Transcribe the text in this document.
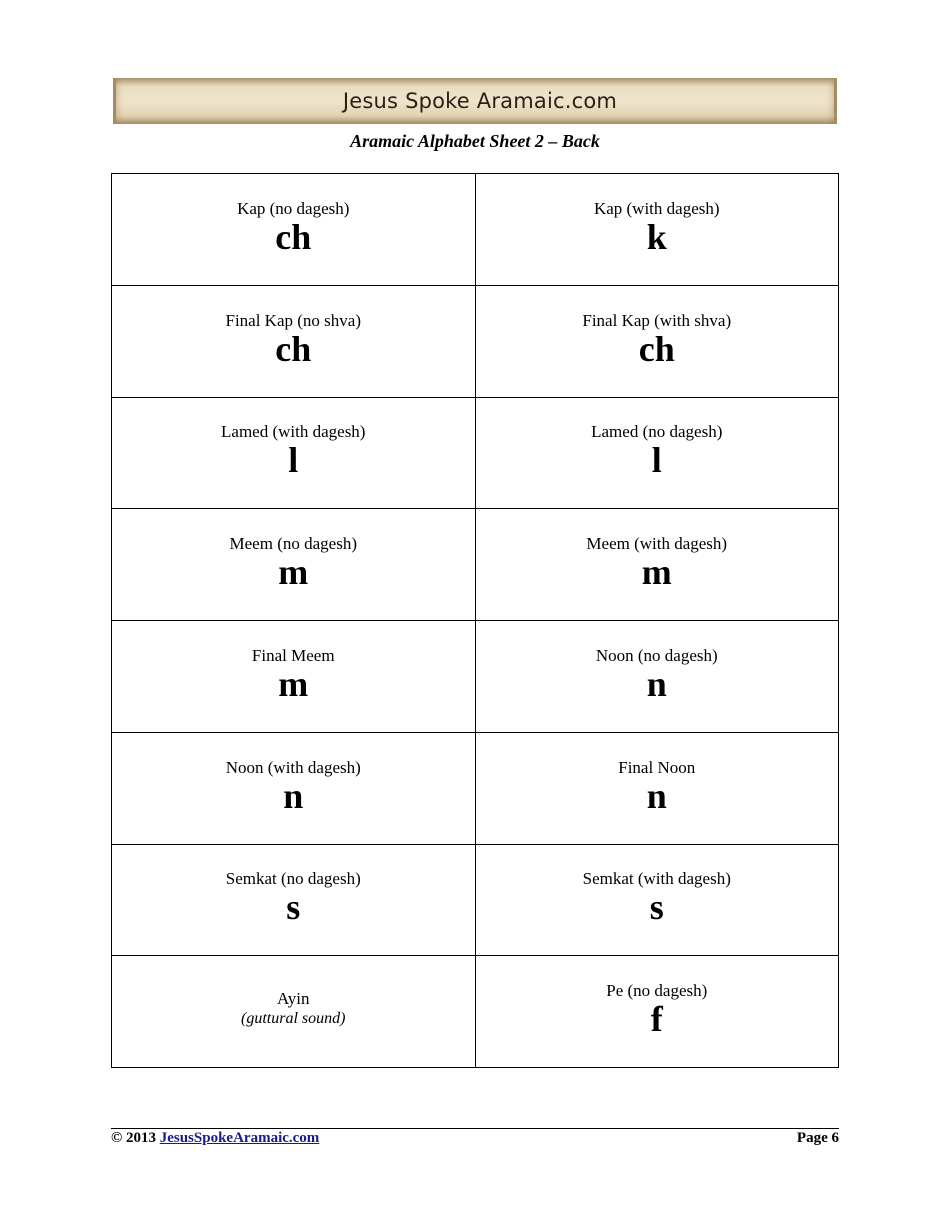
Jesus Spoke Aramaic.com
Aramaic Alphabet Sheet 2 – Back
Kap (no dagesh)
ch
Kap (with dagesh)
k
Final Kap (no shva)
ch
Final Kap (with shva)
ch
Lamed (with dagesh)
l
Lamed (no dagesh)
l
Meem (no dagesh)
m
Meem (with dagesh)
m
Final Meem
m
Noon (no dagesh)
n
Noon (with dagesh)
n
Final Noon
n
Semkat (no dagesh)
s
Semkat (with dagesh)
s
Ayin
(guttural sound)
Pe (no dagesh)
f
© 2013 JesusSpokeAramaic.com	Page 6
